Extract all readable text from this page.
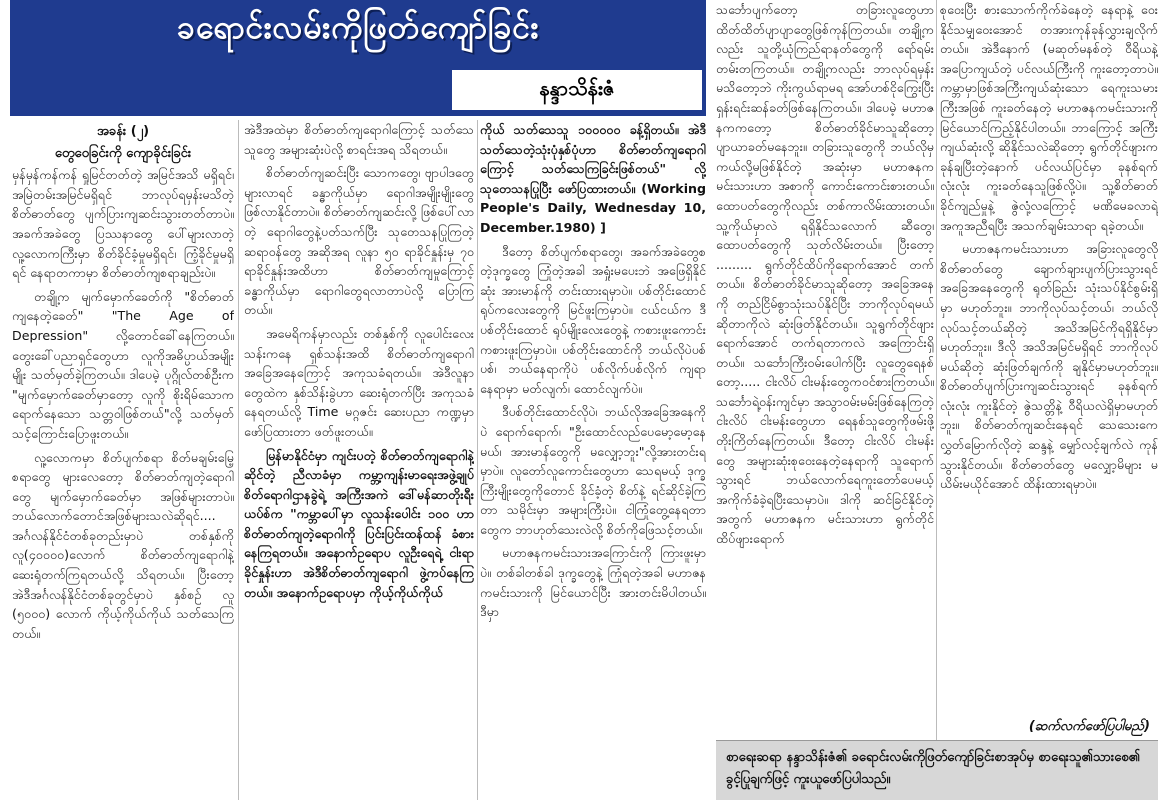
ခရောင်းလမ်းကိုဖြတ်ကျော်ခြင်း
နန္ဒာသိန်းဇံ
အခန်း (၂)
တွေဝေခြင်းကို ကျောခိုင်းခြင်း

မှန်မှန်ကန်ကန် ရှုမြင်တတ်တဲ့ အမြင်အသိ မရှိရင်၊ အမြဲတမ်းအမြင်မရှိရင် ဘာလုပ်ရမှန်းမသိတဲ့ စိတ်ဓာတ်တွေ ပျက်ပြားကျဆင်းသွားတတ်တာပဲ။ အခက်အခဲတွေ ပြဿနာတွေ ပေါ်များလာတဲ့ လူ့လောကကြီးမှာ စိတ်ခိုင်ခံ့မှုမရှိရင်၊ ကြံ့ခိုင်မှုမရှိရင် နေရာတကာမှာ စိတ်ဓာတ်ကျစရာချည်းပဲ။

တချို့က မျက်မှောက်ခေတ်ကို "စိတ်ဓာတ်ကျနေတဲ့ခေတ်" "The Age of Depression" လို့တောင်ခေါ်နေကြတယ်။ တွေးခေါ်ပညာရှင်တွေဟာ လူကိုအဓိပ္ပာယ်အမျိုးမျိုး သတ်မှတ်ခဲ့ကြတယ်။ ဒါပေမဲ့ ပုဂ္ဂိုလ်တစ်ဦးက "မျက်မှောက်ခေတ်မှာတော့ လူကို စိုးရိမ်သောကရောက်နေသော သတ္တဝါဖြစ်တယ်"လို့ သတ်မှတ်သင့်ကြောင်းပြောဖူးတယ်။

လူ့လောကမှာ စိတ်ပျက်စရာ စိတ်မချမ်းမြေ့စရာတွေ များလေတော့ စိတ်ဓာတ်ကျတဲ့ရောဂါတွေ မျက်မှောက်ခေတ်မှာ အဖြစ်များတာပဲ။ ဘယ်လောက်တောင်အဖြစ်များသလဲဆိုရင်.... အင်္ဂလန်နိုင်ငံတစ်ခုတည်းမှာပဲ တစ်နှစ်ကို လူ(၄၀၀၀၀)လောက် စိတ်ဓာတ်ကျရောဂါနဲ့ ဆေးရုံတက်ကြရတယ်လို့ သိရတယ်။ ပြီးတော့ အဲဒီအင်္ဂလန်နိုင်ငံတစ်ခုတွင်မှာပဲ နှစ်စဉ် လူ (၅၀၀၀) လောက် ကိုယ့်ကိုယ်ကိုယ် သတ်သေကြတယ်။

အဲဒီအထဲမှာ စိတ်ဓာတ်ကျရောဂါကြောင့် သတ်သေသူတွေ အများဆုံးပဲလို့ စာရင်းအရ သိရတယ်။

စိတ်ဓာတ်ကျဆင်းပြီး သောကတွေ၊ ဗျာပါဒတွေများလာရင် ခန္ဓာကိုယ်မှာ ရောဂါအမျိုးမျိုးတွေ ဖြစ်လာနိုင်တာပဲ။ စိတ်ဓာတ်ကျဆင်းလို့ ဖြစ်ပေါ်လာတဲ့ ရောဂါတွေနဲ့ပတ်သက်ပြီး သုတေသနပြုကြတဲ့ဆရာဝန်တွေ အဆိုအရ လူနာ ၅၀ ရာခိုင်နှုန်းမှ ၇၀ ရာခိုင်နှုန်းအထိဟာ စိတ်ဓာတ်ကျမှုကြောင့် ခန္ဓာကိုယ်မှာ ရောဂါတွေရလာတာပဲလို့ ပြောကြတယ်။

အမေရိကန်မှာလည်း တစ်နှစ်ကို လူပေါင်းလေးသန်းကနေ ရှစ်သန်းအထိ စိတ်ဓာတ်ကျရောဂါ အခြေအနေကြောင့် အကုသခံရတယ်။ အဲဒီလူနာတွေထဲက နှစ်သိန်းခွဲဟာ ဆေးရုံတက်ပြီး အကုသခံနေရတယ်လို့ Time မဂ္ဂဇင်း ဆေးပညာ ကဏ္ဍမှာ ဖော်ပြထားတာ ဖတ်ဖူးတယ်။

မြန်မာနိုင်ငံမှာ ကျင်းပတဲ့ စိတ်ဓာတ်ကျရောဂါနဲ့ဆိုင်တဲ့ ညီလာခံမှာ ကမ္ဘာ့ကျန်းမာရေးအဖွဲ့ချုပ် စိတ်ရောဂါဌာနခွဲရဲ့ အကြီးအကဲ ဒေါ်မန်ဆာတိုးရီးယပ်စ်က "ကမ္ဘာပေါ်မှာ လူသန်းပေါင်း ၁၀၀ ဟာ စိတ်ဓာတ်ကျတဲ့ရောဂါကို ပြင်းပြင်းထန်ထန် ခံစားနေကြရတယ်။ အနောက်ဥရောပ လူဦးရေရဲ့ ငါးရာခိုင်နှုန်းဟာ အဲဒီစိတ်ဓာတ်ကျရောဂါ ဖွဲ့ကပ်နေကြတယ်။ အနောက်ဥရောပမှာ ကိုယ့်ကိုယ်ကိုယ်

ကိုယ် သတ်သေသူ ၁၀၀၀၀၀ ခန့်ရှိတယ်။ အဲဒီသတ်သေတဲ့သုံးပုံနှစ်ပုံဟာ စိတ်ဓာတ်ကျရောဂါကြောင့် သတ်သေကြခြင်းဖြစ်တယ်" လို့ သုတေသနပြုပြီး ဖော်ပြထားတယ်။ (Working People's Daily, Wednesday 10, December.1980) ]

ဒီတော့ စိတ်ပျက်စရာတွေ၊ အခက်အခဲတွေစတဲ့ဒုက္ခတွေ ကြုံတဲ့အခါ အရှုံးမပေးဘဲ အဖြေရှိနိုင်ဆုံး အားမာန်ကို တင်းထားရမှာပဲ။ ပစ်တိုင်းထောင်ရုပ်ကလေးတွေကို မြင်ဖူးကြမှာပဲ။ ငယ်ငယ်က ဒီပစ်တိုင်းထောင် ရုပ်မျိုးလေးတွေနဲ့ ကစားဖူးကောင်း ကစားဖူးကြမှာပဲ။ ပစ်တိုင်းထောင်ကို ဘယ်လိုပဲပစ်ပစ်၊ ဘယ်နေရာကိုပဲ ပစ်လိုက်ပစ်လိုက် ကျရာနေရာမှာ မတ်လျက်၊ ထောင်လျက်ပဲ။

ဒီပစ်တိုင်းထောင်လိုပဲ၊ ဘယ်လိုအခြေအနေကိုပဲ ရောက်ရောက်၊ "ဦးထောင်လည်ပေမော့မော့နေမယ်၊ အားမာန်တွေကို မလျှော့ဘူး"လို့အားတင်းရမှာပဲ။ လူတော်လူကောင်းတွေဟာ သေရမယ့် ဒုက္ခကြီးမျိုးတွေကိုတောင် ခိုင်ခံ့တဲ့ စိတ်နဲ့ ရင်ဆိုင်ခဲ့ကြတာ သမိုင်းမှာ အများကြီးပဲ။ ငါကြုံတွေ့နေရတာတွေက ဘာဟုတ်သေးလဲလို့ စိတ်ကိုဖြေသင့်တယ်။

မဟာဇနကမင်းသားအကြောင်းကို ကြားဖူးမှာပဲ။ တစ်ခါတစ်ခါ ဒုက္ခတွေနဲ့ ကြုံရတဲ့အခါ မဟာဇနကမင်းသားကို မြင်ယောင်ပြီး အားတင်းမိပါတယ်။ ဒီမှာ

သင်္ဘောပျက်တော့ တခြားလူတွေဟာ ထိတ်ထိတ်ပျာပျာတွေဖြစ်ကုန်ကြတယ်။ တချို့ကလည်း သူတို့ယုံကြည်ရာနတ်တွေကို ရော်ရမ်းတမ်းတကြတယ်။ တချို့ကလည်း ဘာလုပ်ရမှန်း မသိတော့ဘဲ ကိုးကွယ်ရာမရ အော်ဟစ်ငိုကြွေးပြီး ရှန်းရင်းဆန်ခတ်ဖြစ်နေကြတယ်။ ဒါပေမဲ့ မဟာဇနကကတော့ စိတ်ဓာတ်ခိုင်မာသူဆိုတော့ ပျာယာခတ်မနေဘူး။ တခြားသူတွေကို ဘယ်လိုမှ ကယ်လို့မဖြစ်နိုင်တဲ့ အဆုံးမှာ မဟာဇနကမင်းသားဟာ အစာကို ကောင်းကောင်းစားတယ်။ ထောပတ်တွေကိုလည်း တစ်ကာလိမ်းထားတယ်။ သူ့ကိုယ်မှာလဲ ရရှိနိုင်သလောက် ဆီတွေ၊ ထောပတ်တွေကို သုတ်လိမ်းတယ်။ ပြီးတော့ ......... ရွက်တိုင်ထိပ်ကိုရောက်အောင် တက်တယ်။ စိတ်ဓာတ်ခိုင်မာသူဆိုတော့ အခြေအနေကို တည်ငြိမ်စွာသုံးသပ်နိုင်ပြီး ဘာကိုလုပ်ရမယ်ဆိုတာကိုလဲ ဆုံးဖြတ်နိုင်တယ်။ သူရွက်တိုင်ဖျားရောက်အောင် တက်ရတာကလဲ အကြောင်းရှိတယ်။ သင်္ဘောကြီးဝမ်းပေါက်ပြီး လူတွေရေနစ်တော့..... ငါးလိပ် ငါးမန်းတွေကဝင်စားကြတယ်။ သင်္ဘောရဲ့ဝန်းကျင်မှာ အသွာဝမ်းမမ်းဖြစ်နေကြတဲ့ ငါးလိပ် ငါးမန်းတွေဟာ ရေနစ်သူတွေကိုဖမ်းဖို့ တိုးကြိတ်နေကြတယ်။ ဒီတော့ ငါးလိပ် ငါးမန်းတွေ အများဆုံးစုဝေးနေတဲ့နေရာကို သူရောက်သွားရင် ဘယ်လောက်ရေကူးတော်ပေမယ့် အကိုက်ခံခဲ့ရပြီးသေမှာပဲ။ ဒါကို ဆင်ခြင်နိုင်တဲ့အတွက် မဟာဇနက မင်းသားဟာ ရွက်တိုင်ထိပ်ဖျားရောက်

စုဝေးပြီး စားသောက်ကိုက်ခဲနေတဲ့ နေရာနဲ့ ဝေးနိုင်သမျှဝေးအောင် တအားကုန်ခုန်လွှားချလိုက်တယ်။ အဲဒီနောက် (မဆုတ်မနစ်တဲ့ ဝီရိယနဲ့ အပြောကျယ်တဲ့ ပင်လယ်ကြီးကို ကူးတော့တာပဲ။ ကမ္ဘာမှာဖြစ်အကြီးကျယ်ဆုံးသော ရေကူးသမားကြီးအဖြစ် ကူးခတ်နေတဲ့ မဟာဇနကမင်းသားကို မြင်ယောင်ကြည့်နိုင်ပါတယ်။ ဘာကြောင့် အကြီးကျယ်ဆုံးလို့ ဆိုနိုင်သလဲဆိုတော့ ရွက်တိုင်ဖျားက ခုန်ချပြီးတဲ့နောက် ပင်လယ်ပြင်မှာ ခုနစ်ရက်လုံးလုံး ကူးခတ်နေသူဖြစ်လို့ပဲ။ သူ့စိတ်ဓာတ်ခိုင်ကျည်မှုနဲ့ ဇွဲလုံ့လကြောင့် မဏိမေခလာရဲ့ အကူအညီရပြီး အသက်ချမ်းသာရာ ရခဲ့တယ်။

မဟာဇနကမင်းသားဟာ အခြားလူတွေလို စိတ်ဓာတ်တွေ ချောက်ချားပျက်ပြားသွားရင် အခြေအနေတွေကို ရုတ်ခြည်း သုံးသပ်နိုင်စွမ်းရှိမှာ မဟုတ်ဘူး။ ဘာကိုလုပ်သင့်တယ်၊ ဘယ်လိုလုပ်သင့်တယ်ဆိုတဲ့ အသိအမြင်ကိုရရှိနိုင်မှာမဟုတ်ဘူး။ ဒီလို အသိအမြင်မရှိရင် ဘာကိုလုပ်မယ်ဆိုတဲ့ ဆုံးဖြတ်ချက်ကို ချနိုင်မှာမဟုတ်ဘူး။ စိတ်ဓာတ်ပျက်ပြားကျဆင်းသွားရင် ခုနစ်ရက်လုံးလုံး ကူးနိုင်တဲ့ ဇွဲသတ္တိနဲ့ ဝီရိယလဲရှိမှာမဟုတ်ဘူး။ စိတ်ဓာတ်ကျဆင်းနေရင် သေသေးကေလွှတ်မြောက်လိုတဲ့ ဆန္ဒနဲ့ မျှော်လင့်ချက်လဲ ကုန်သွားနိုင်တယ်။ စိတ်ဓာတ်တွေ မလျှော့မိများ မယိမ်းမယိုင်အောင် ထိန်းထားရမှာပဲ။

(ဆက်လက်ဖော်ပြပါမည်)
စာရေးဆရာ နန္ဒာသိန်းဇံ၏ ခရောင်းလမ်းကိုဖြတ်ကျော်ခြင်းစာအုပ်မှ စာရေးသူ၏သားစေ၏ ခွင့်ပြုချက်ဖြင့် ကူးယူဖော်ပြပါသည်။
